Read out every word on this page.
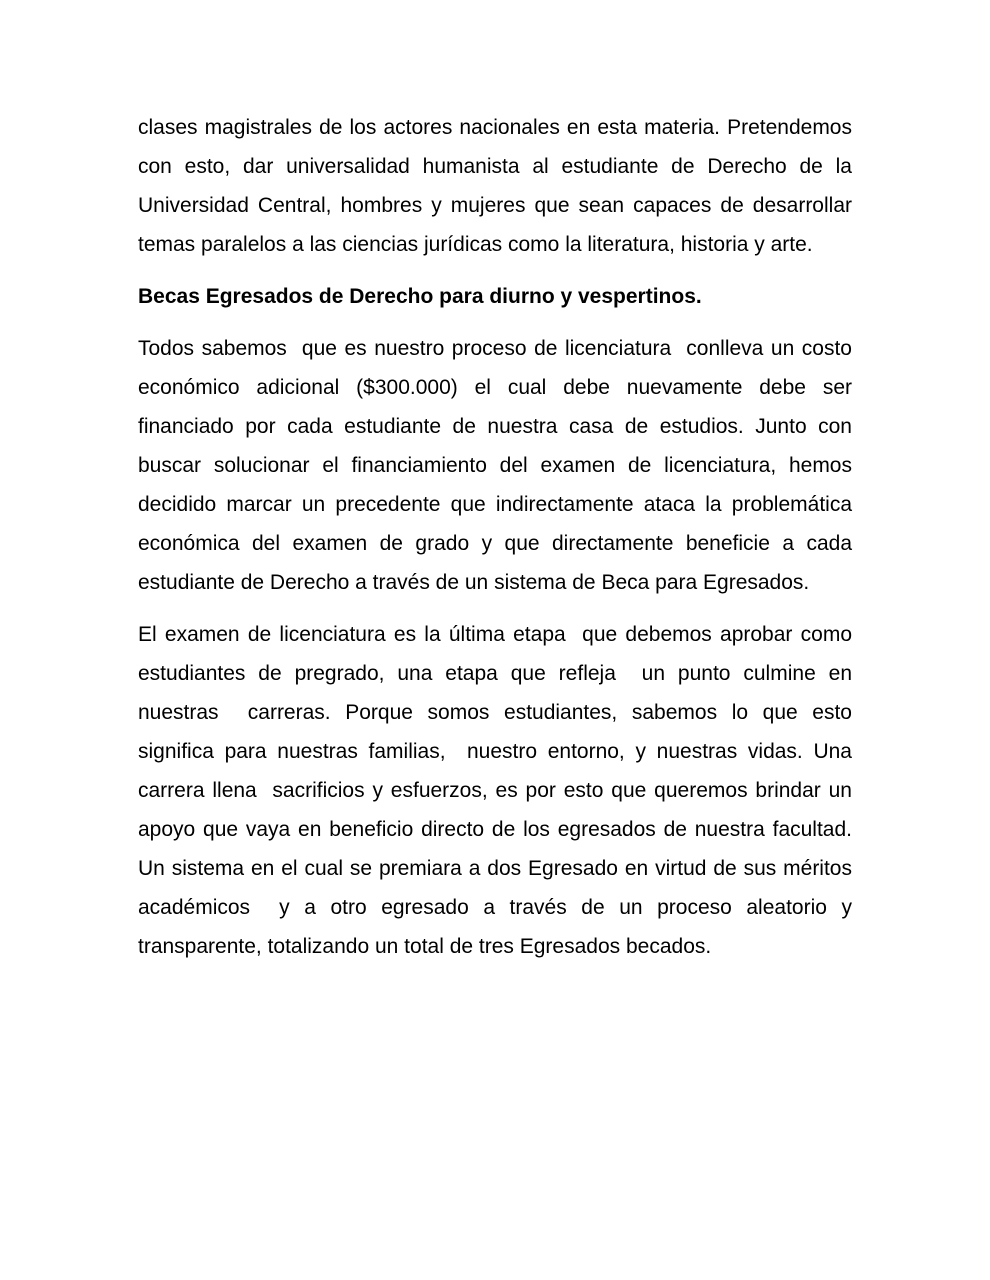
clases magistrales de los actores nacionales en esta materia. Pretendemos con esto, dar universalidad humanista al estudiante de Derecho de la Universidad Central, hombres y mujeres que sean capaces de desarrollar temas paralelos a las ciencias jurídicas como la literatura, historia y arte.

Becas Egresados de Derecho para diurno y vespertinos.

Todos sabemos  que es nuestro proceso de licenciatura  conlleva un costo económico adicional ($300.000) el cual debe nuevamente debe ser financiado por cada estudiante de nuestra casa de estudios. Junto con buscar solucionar el financiamiento del examen de licenciatura, hemos decidido marcar un precedente que indirectamente ataca la problemática económica del examen de grado y que directamente beneficie a cada estudiante de Derecho a través de un sistema de Beca para Egresados.

El examen de licenciatura es la última etapa  que debemos aprobar como estudiantes de pregrado, una etapa que refleja  un punto culmine en nuestras  carreras. Porque somos estudiantes, sabemos lo que esto significa para nuestras familias,  nuestro entorno, y nuestras vidas. Una carrera llena  sacrificios y esfuerzos, es por esto que queremos brindar un apoyo que vaya en beneficio directo de los egresados de nuestra facultad. Un sistema en el cual se premiara a dos Egresado en virtud de sus méritos académicos  y a otro egresado a través de un proceso aleatorio y transparente, totalizando un total de tres Egresados becados.
